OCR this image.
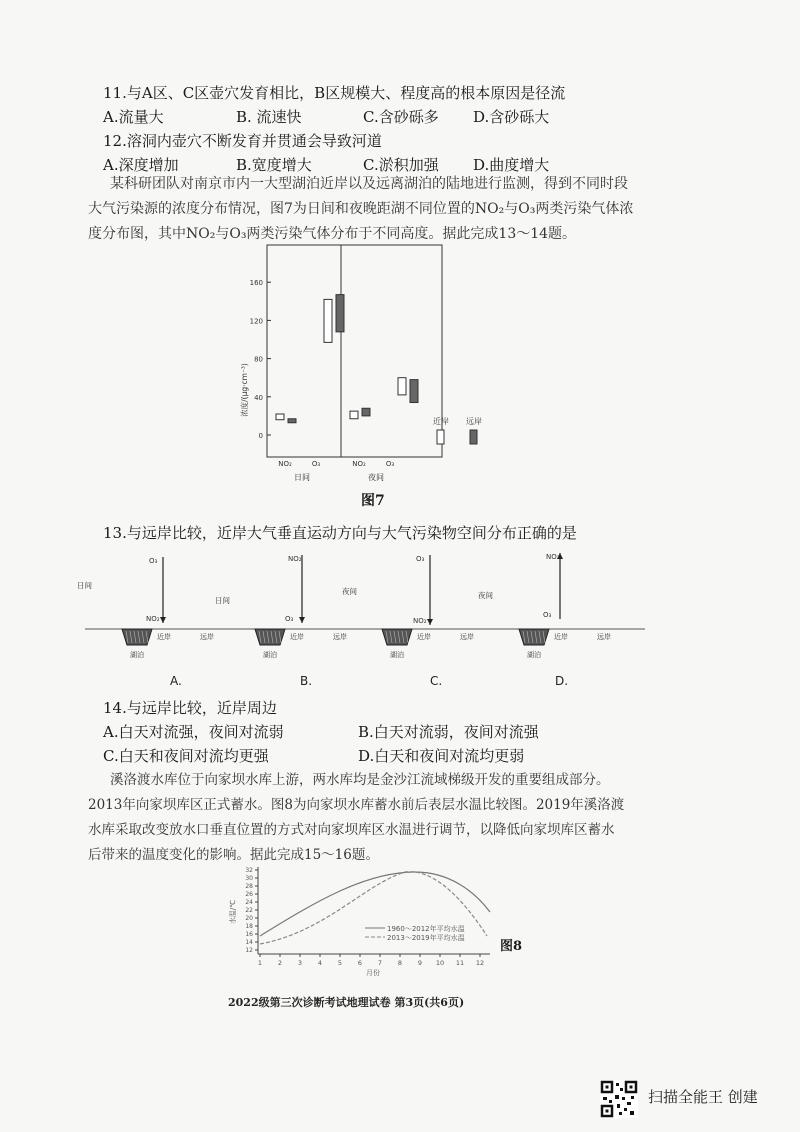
11.与A区、C区壶穴发育相比，B区规模大、程度高的根本原因是径流
A.流量大	B. 流速快	C.含砂砾多 D.含砂砾大
12.溶洞内壶穴不断发育并贯通会导致河道
A.深度增加	B.宽度增大	C.淤积加强 D.曲度增大
某科研团队对南京市内一大型湖泊近岸以及远离湖泊的陆地进行监测，得到不同时段
大气污染源的浓度分布情况，图7为日间和夜晚距湖不同位置的NO₂与O₃两类污染气体浓
度分布图，其中NO₂与O₃两类污染气体分布于不同高度。据此完成13～14题。
浓度/(μg·cm⁻³)
0
40
80
120
160
NO₂	O₃
日间
NO₂	O₃
夜间
近岸 远岸
图7
13.与远岸比较，近岸大气垂直运动方向与大气污染物空间分布正确的是
O₃
NO₂
日间
湖泊
近岸	远岸
A.
NO₂
O₃
日间
湖泊
近岸	远岸
B.
O₃
NO₂
夜间
湖泊
近岸	远岸
C.
NO₂
O₃
夜间
湖泊
近岸	远岸
D.
14.与远岸比较，近岸周边
A.白天对流强，夜间对流弱	B.白天对流弱，夜间对流强
C.白天和夜间对流均更强	D.白天和夜间对流均更弱
溪洛渡水库位于向家坝水库上游，两水库均是金沙江流域梯级开发的重要组成部分。
2013年向家坝库区正式蓄水。图8为向家坝水库蓄水前后表层水温比较图。2019年溪洛渡
水库采取改变放水口垂直位置的方式对向家坝库区水温进行调节，以降低向家坝库区蓄水
后带来的温度变化的影响。据此完成15～16题。
水温/℃
1 2 3 4 5 6 7 8 9 10 11 12
12
14
16
18
20
22
24
26
28
30
32
1960～2012年平均水温
2013～2019年平均水温
月份
图8
2022级第三次诊断考试地理试卷 第3页(共6页)
扫描全能王 创建
